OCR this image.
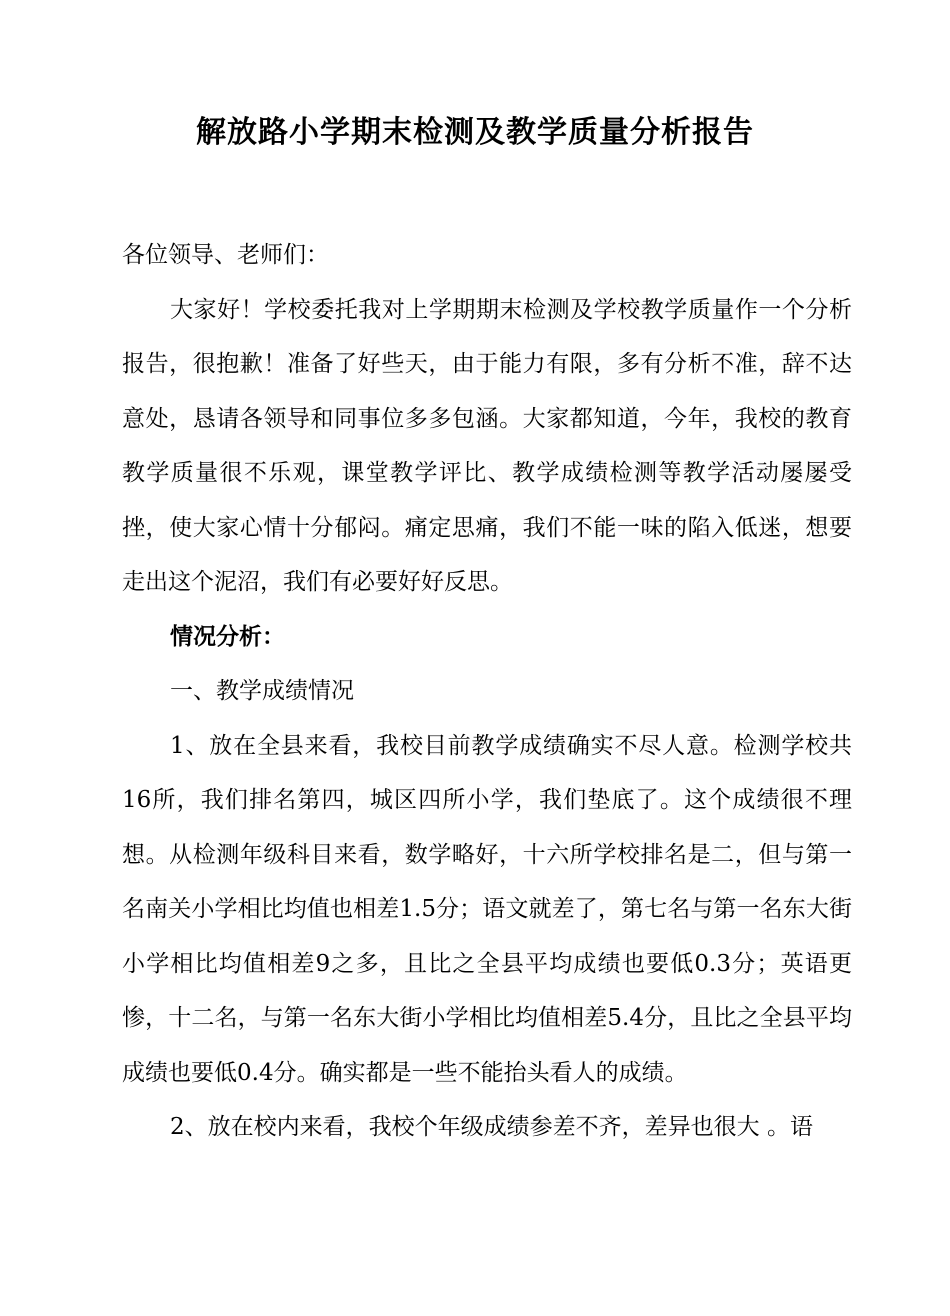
解放路小学期末检测及教学质量分析报告

各位领导、老师们：

大家好！学校委托我对上学期期末检测及学校教学质量作一个分析报告，很抱歉！准备了好些天，由于能力有限，多有分析不准，辞不达意处，恳请各领导和同事位多多包涵。大家都知道，今年，我校的教育教学质量很不乐观，课堂教学评比、教学成绩检测等教学活动屡屡受挫，使大家心情十分郁闷。痛定思痛，我们不能一味的陷入低迷，想要走出这个泥沼，我们有必要好好反思。

情况分析：

一、教学成绩情况

1、放在全县来看，我校目前教学成绩确实不尽人意。检测学校共16所，我们排名第四，城区四所小学，我们垫底了。这个成绩很不理想。从检测年级科目来看，数学略好，十六所学校排名是二，但与第一名南关小学相比均值也相差1.5分；语文就差了，第七名与第一名东大街小学相比均值相差9之多，且比之全县平均成绩也要低0.3分；英语更惨，十二名，与第一名东大街小学相比均值相差5.4分，且比之全县平均成绩也要低0.4分。确实都是一些不能抬头看人的成绩。

2、放在校内来看，我校个年级成绩参差不齐，差异也很大 。语
